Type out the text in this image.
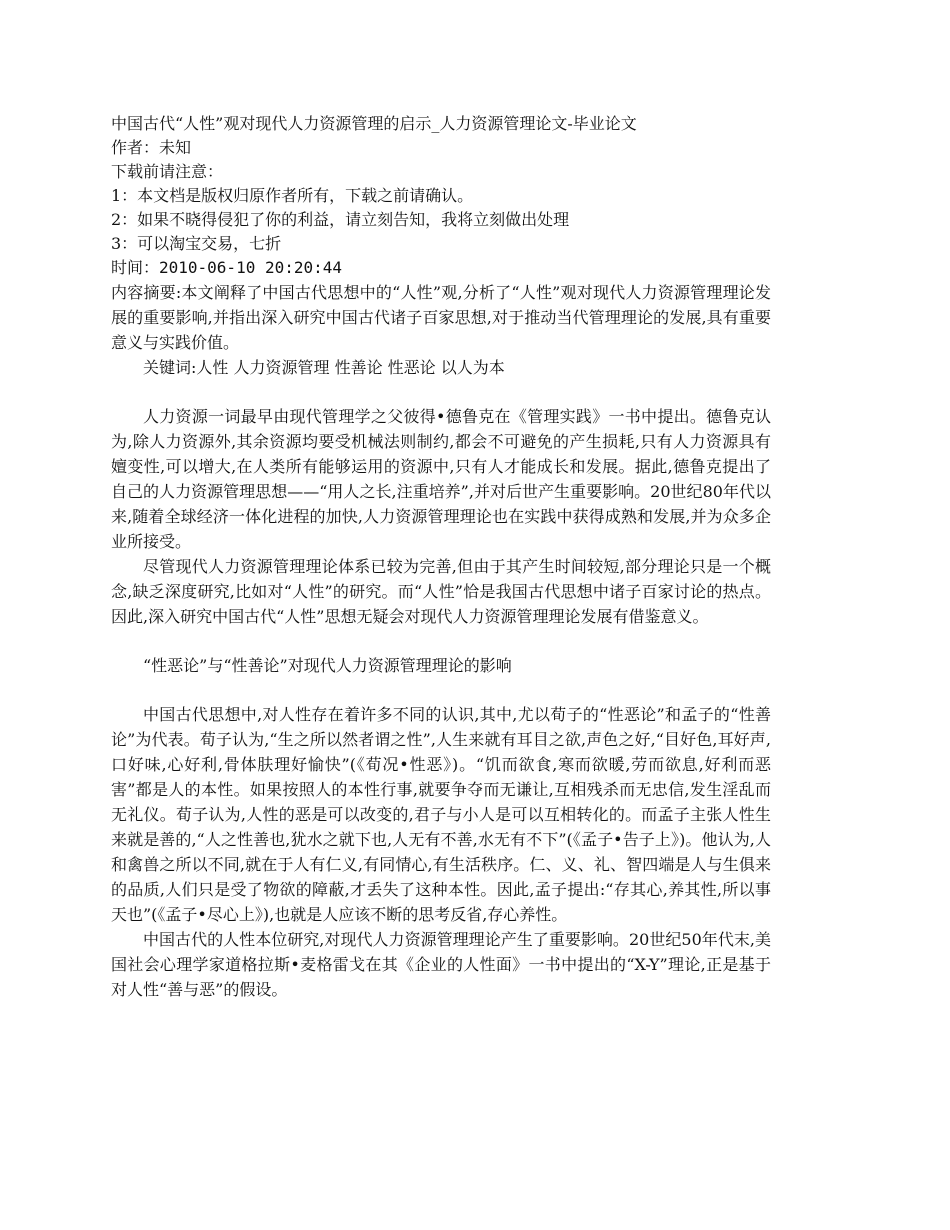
中国古代“人性”观对现代人力资源管理的启示_人力资源管理论文-毕业论文

作者：未知

下载前请注意：

1：本文档是版权归原作者所有，下载之前请确认。

2：如果不晓得侵犯了你的利益，请立刻告知，我将立刻做出处理

3：可以淘宝交易，七折

时间：2010-06-10 20:20:44

内容摘要:本文阐释了中国古代思想中的“人性”观,分析了“人性”观对现代人力资源管理理论发展的重要影响,并指出深入研究中国古代诸子百家思想,对于推动当代管理理论的发展,具有重要意义与实践价值。

关键词:人性 人力资源管理 性善论 性恶论 以人为本

人力资源一词最早由现代管理学之父彼得•德鲁克在《管理实践》一书中提出。德鲁克认为,除人力资源外,其余资源均要受机械法则制约,都会不可避免的产生损耗,只有人力资源具有嬗变性,可以增大,在人类所有能够运用的资源中,只有人才能成长和发展。据此,德鲁克提出了自己的人力资源管理思想——“用人之长,注重培养”,并对后世产生重要影响。20世纪80年代以来,随着全球经济一体化进程的加快,人力资源管理理论也在实践中获得成熟和发展,并为众多企业所接受。

尽管现代人力资源管理理论体系已较为完善,但由于其产生时间较短,部分理论只是一个概念,缺乏深度研究,比如对“人性”的研究。而“人性”恰是我国古代思想中诸子百家讨论的热点。因此,深入研究中国古代“人性”思想无疑会对现代人力资源管理理论发展有借鉴意义。

“性恶论”与“性善论”对现代人力资源管理理论的影响

中国古代思想中,对人性存在着许多不同的认识,其中,尤以荀子的“性恶论”和孟子的“性善论”为代表。荀子认为,“生之所以然者谓之性”,人生来就有耳目之欲,声色之好,“目好色,耳好声,口好味,心好利,骨体肤理好愉快”(《荀况•性恶》)。“饥而欲食,寒而欲暖,劳而欲息,好利而恶害”都是人的本性。如果按照人的本性行事,就要争夺而无谦让,互相残杀而无忠信,发生淫乱而无礼仪。荀子认为,人性的恶是可以改变的,君子与小人是可以互相转化的。而孟子主张人性生来就是善的,“人之性善也,犹水之就下也,人无有不善,水无有不下”(《孟子•告子上》)。他认为,人和禽兽之所以不同,就在于人有仁义,有同情心,有生活秩序。仁、义、礼、智四端是人与生俱来的品质,人们只是受了物欲的障蔽,才丢失了这种本性。因此,孟子提出:“存其心,养其性,所以事天也”(《孟子•尽心上》),也就是人应该不断的思考反省,存心养性。

中国古代的人性本位研究,对现代人力资源管理理论产生了重要影响。20世纪50年代末,美国社会心理学家道格拉斯•麦格雷戈在其《企业的人性面》一书中提出的“X-Y”理论,正是基于对人性“善与恶”的假设。
